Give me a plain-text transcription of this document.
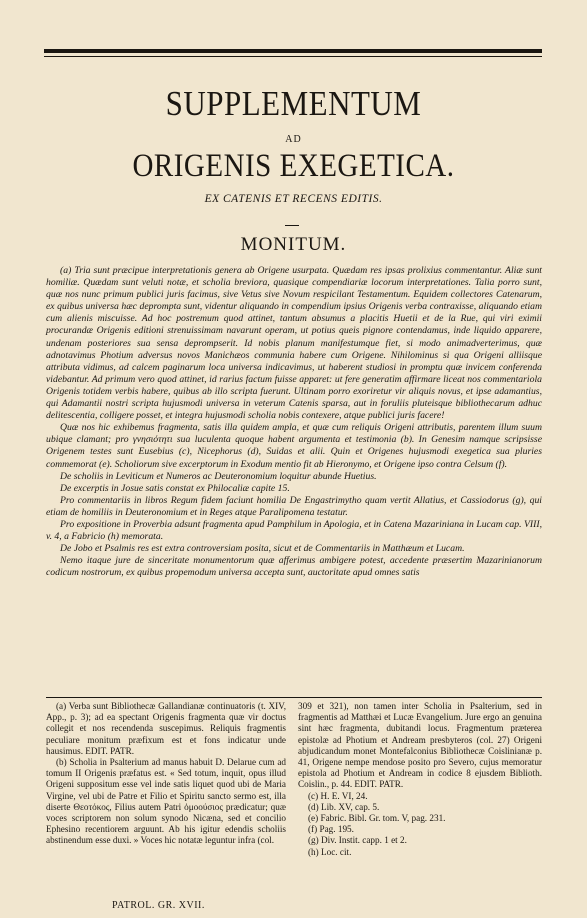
SUPPLEMENTUM
AD
ORIGENIS EXEGETICA.
EX CATENIS ET RECENS EDITIS.
MONITUM.

(a) Tria sunt præcipue interpretationis genera ab Origene usurpata. Quædam res ipsas prolixius commentantur. Aliæ sunt homiliæ. Quædam sunt veluti notæ, et scholia breviora, quasique compendiariæ locorum interpretationes. Talia porro sunt, quæ nos nunc primum publici juris facimus, sive Vetus sive Novum respicilant Testamentum. Equidem collectores Catenarum, ex quibus universa hæc deprompta sunt, videntur aliquando in compendium ipsius Origenis verba contraxisse, aliquando etiam cum alienis miscuisse. Ad hoc postremum quod attinet, tantum absumus a placitis Huetii et de la Rue, qui viri eximii procurandæ Origenis editioni strenuissimam navarunt operam, ut potius queis pignore contendamus, inde liquido apparere, undenam posteriores sua sensa deprompserit. Id nobis planum manifestumque fiet, si modo animadverterimus, quæ adnotavimus Photium adversus novos Manichæos communia habere cum Origene. Nihilominus si qua Origeni alliisque attributa vidimus, ad calcem paginarum loca universa indicavimus, ut haberent studiosi in promptu quæ invicem conferenda videbantur. Ad primum vero quod attinet, id rarius factum fuisse apparet: ut fere generatim affirmare liceat nos commentariola Origenis totidem verbis habere, quibus ab illo scripta fuerunt. Ultinam porro exoriretur vir aliquis novus, et ipse adamantius, qui Adamantii nostri scripta hujusmodi universa in veterum Catenis sparsa, aut in foruliis pluteisque bibliothecarum adhuc delitescentia, colligere posset, et integra hujusmodi scholia nobis contexere, atque publici juris facere!

Quæ nos hic exhibemus fragmenta, satis illa quidem ampla, et quæ cum reliquis Origeni attributis, parentem illum suum ubique clamant; pro γνησιότητι sua luculenta quoque habent argumenta et testimonia (b). In Genesim namque scripsisse Origenem testes sunt Eusebius (c), Nicephorus (d), Suidas et alii. Quin et Origenes hujusmodi exegetica sua pluries commemorat (e). Scholiorum sive excerptorum in Exodum mentio fit ab Hieronymo, et Origene ipso contra Celsum (f).

De scholiis in Leviticum et Numeros ac Deuteronomium loquitur abunde Huetius.

De excerptis in Josue satis constat ex Philocaliæ capite 15.

Pro commentariis in libros Regum fidem faciunt homilia De Engastrimytho quam vertit Allatius, et Cassiodorus (g), qui etiam de homiliis in Deuteronomium et in Reges atque Paralipomena testatur.

Pro expositione in Proverbia adsunt fragmenta apud Pamphilum in Apologia, et in Catena Mazariniana in Lucam cap. VIII, v. 4, a Fabricio (h) memorata.

De Jobo et Psalmis res est extra controversiam posita, sicut et de Commentariis in Matthæum et Lucam.

Nemo itaque jure de sinceritate monumentorum quæ afferimus ambigere potest, accedente præsertim Mazarinianorum codicum nostrorum, ex quibus propemodum universa accepta sunt, auctoritate apud omnes satis

(a) Verba sunt Bibliothecæ Gallandianæ continuatoris (t. XIV, App., p. 3); ad ea spectant Origenis fragmenta quæ vir doctus collegit et nos recendenda suscepimus. Reliquis fragmentis peculiare monitum præfixum est et fons indicatur unde hausimus. EDIT. PATR.

(b) Scholia in Psalterium ad manus habuit D. Delarue cum ad tomum II Origenis præfatus est. « Sed totum, inquit, opus illud Origeni suppositum esse vel inde satis liquet quod ubi de Maria Virgine, vel ubi de Patre et Filio et Spiritu sancto sermo est, illa diserte Θεοτόκος, Filius autem Patri ὁμοούσιος prædicatur; quæ voces scriptorem non solum synodo Nicæna, sed et concilio Ephesino recentiorem arguunt. Ab his igitur edendis scholiis abstinendum esse duxi. » Voces hic notatæ leguntur infra (col.

309 et 321), non tamen inter Scholia in Psalterium, sed in fragmentis ad Matthæi et Lucæ Evangelium. Jure ergo an genuina sint hæc fragmenta, dubitandi locus. Fragmentum præterea epistolæ ad Photium et Andream presbyteros (col. 27) Origeni abjudicandum monet Montefalconius Bibliothecæ Coislinianæ p. 41, Origene nempe mendose posito pro Severo, cujus memoratur epistola ad Photium et Andream in codice 8 ejusdem Biblioth. Coislin., p. 44. EDIT. PATR.

(c) H. E. VI, 24.

(d) Lib. XV, cap. 5.

(e) Fabric. Bibl. Gr. tom. V, pag. 231.

(f) Pag. 195.

(g) Div. Instit. capp. 1 et 2.

(h) Loc. cit.

PATROL. GR. XVII.
